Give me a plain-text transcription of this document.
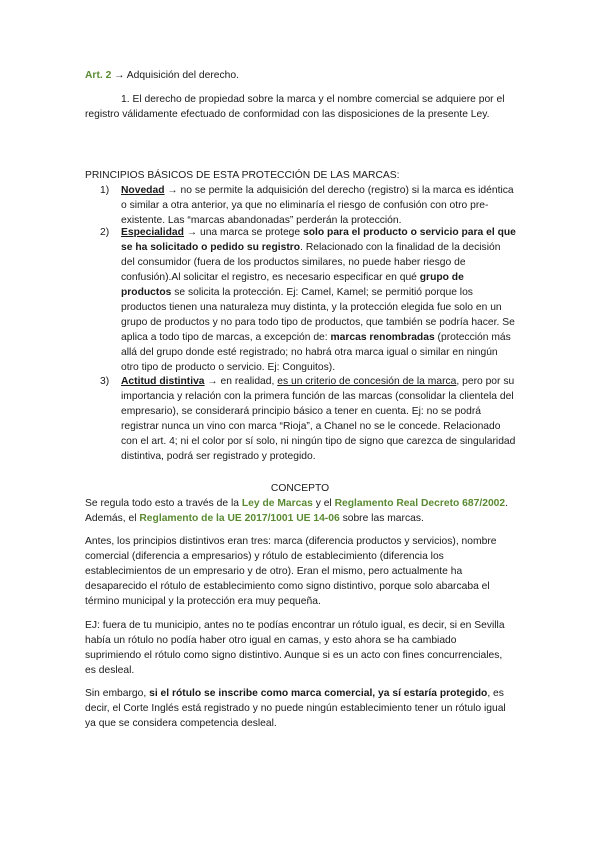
Art. 2 → Adquisición del derecho.
1. El derecho de propiedad sobre la marca y el nombre comercial se adquiere por el registro válidamente efectuado de conformidad con las disposiciones de la presente Ley.
PRINCIPIOS BÁSICOS DE ESTA PROTECCIÓN DE LAS MARCAS:
1) Novedad → no se permite la adquisición del derecho (registro) si la marca es idéntica o similar a otra anterior, ya que no eliminaría el riesgo de confusión con otro pre-existente. Las “marcas abandonadas” perderán la protección.
2) Especialidad → una marca se protege solo para el producto o servicio para el que se ha solicitado o pedido su registro. Relacionado con la finalidad de la decisión del consumidor (fuera de los productos similares, no puede haber riesgo de confusión).Al solicitar el registro, es necesario especificar en qué grupo de productos se solicita la protección. Ej: Camel, Kamel; se permitió porque los productos tienen una naturaleza muy distinta, y la protección elegida fue solo en un grupo de productos y no para todo tipo de productos, que también se podría hacer. Se aplica a todo tipo de marcas, a excepción de: marcas renombradas (protección más allá del grupo donde esté registrado; no habrá otra marca igual o similar en ningún otro tipo de producto o servicio. Ej: Conguitos).
3) Actitud distintiva → en realidad, es un criterio de concesión de la marca, pero por su importancia y relación con la primera función de las marcas (consolidar la clientela del empresario), se considerará principio básico a tener en cuenta. Ej: no se podrá registrar nunca un vino con marca “Rioja”, a Chanel no se le concede. Relacionado con el art. 4; ni el color por sí solo, ni ningún tipo de signo que carezca de singularidad distintiva, podrá ser registrado y protegido.
CONCEPTO
Se regula todo esto a través de la Ley de Marcas y el Reglamento Real Decreto 687/2002. Además, el Reglamento de la UE 2017/1001 UE 14-06 sobre las marcas.
Antes, los principios distintivos eran tres: marca (diferencia productos y servicios), nombre comercial (diferencia a empresarios) y rótulo de establecimiento (diferencia los establecimientos de un empresario y de otro). Eran el mismo, pero actualmente ha desaparecido el rótulo de establecimiento como signo distintivo, porque solo abarcaba el término municipal y la protección era muy pequeña.
EJ: fuera de tu municipio, antes no te podías encontrar un rótulo igual, es decir, si en Sevilla había un rótulo no podía haber otro igual en camas, y esto ahora se ha cambiado suprimiendo el rótulo como signo distintivo. Aunque si es un acto con fines concurrenciales, es desleal.
Sin embargo, si el rótulo se inscribe como marca comercial, ya sí estaría protegido, es decir, el Corte Inglés está registrado y no puede ningún establecimiento tener un rótulo igual ya que se considera competencia desleal.
